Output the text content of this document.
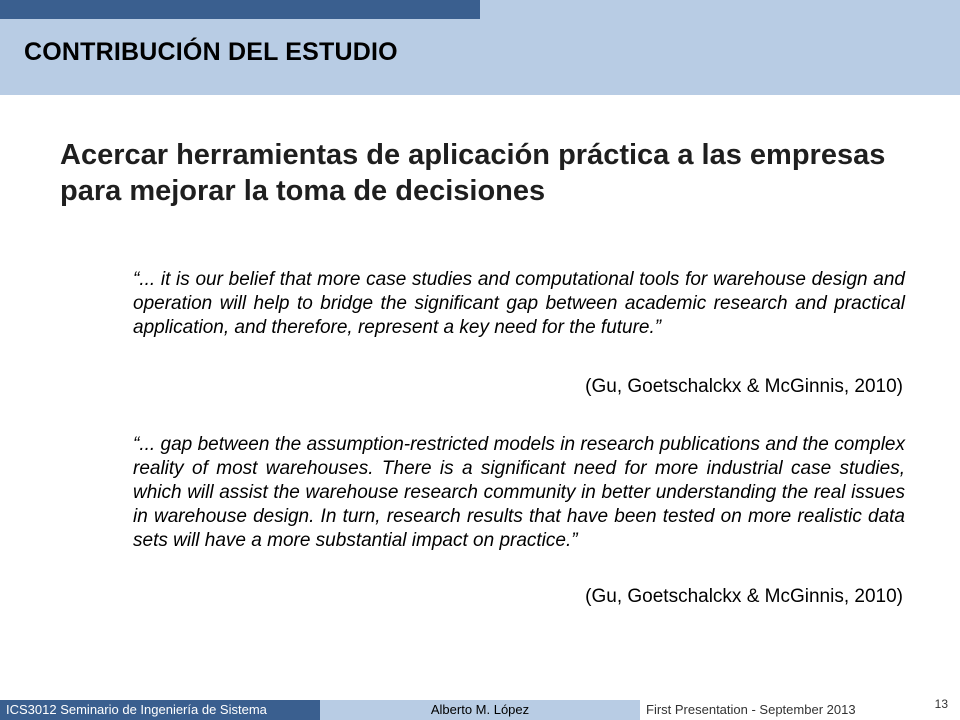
CONTRIBUCIÓN DEL ESTUDIO
Acercar herramientas de aplicación práctica a las empresas para mejorar la toma de decisiones
“... it is our belief that more case studies and computational tools for warehouse design and operation will help to bridge the significant gap between academic research and practical application, and therefore, represent a key need for the future.”
(Gu, Goetschalckx & McGinnis, 2010)
“... gap between the assumption-restricted models in research publications and the complex reality of most warehouses. There is a significant need for more industrial case studies, which will assist the warehouse research community in better understanding the real issues in warehouse design. In turn, research results that have been tested on more realistic data sets will have a more substantial impact on practice.”
(Gu, Goetschalckx & McGinnis, 2010)
ICS3012 Seminario de Ingeniería de Sistema	Alberto M. López	First Presentation - September 2013	13
